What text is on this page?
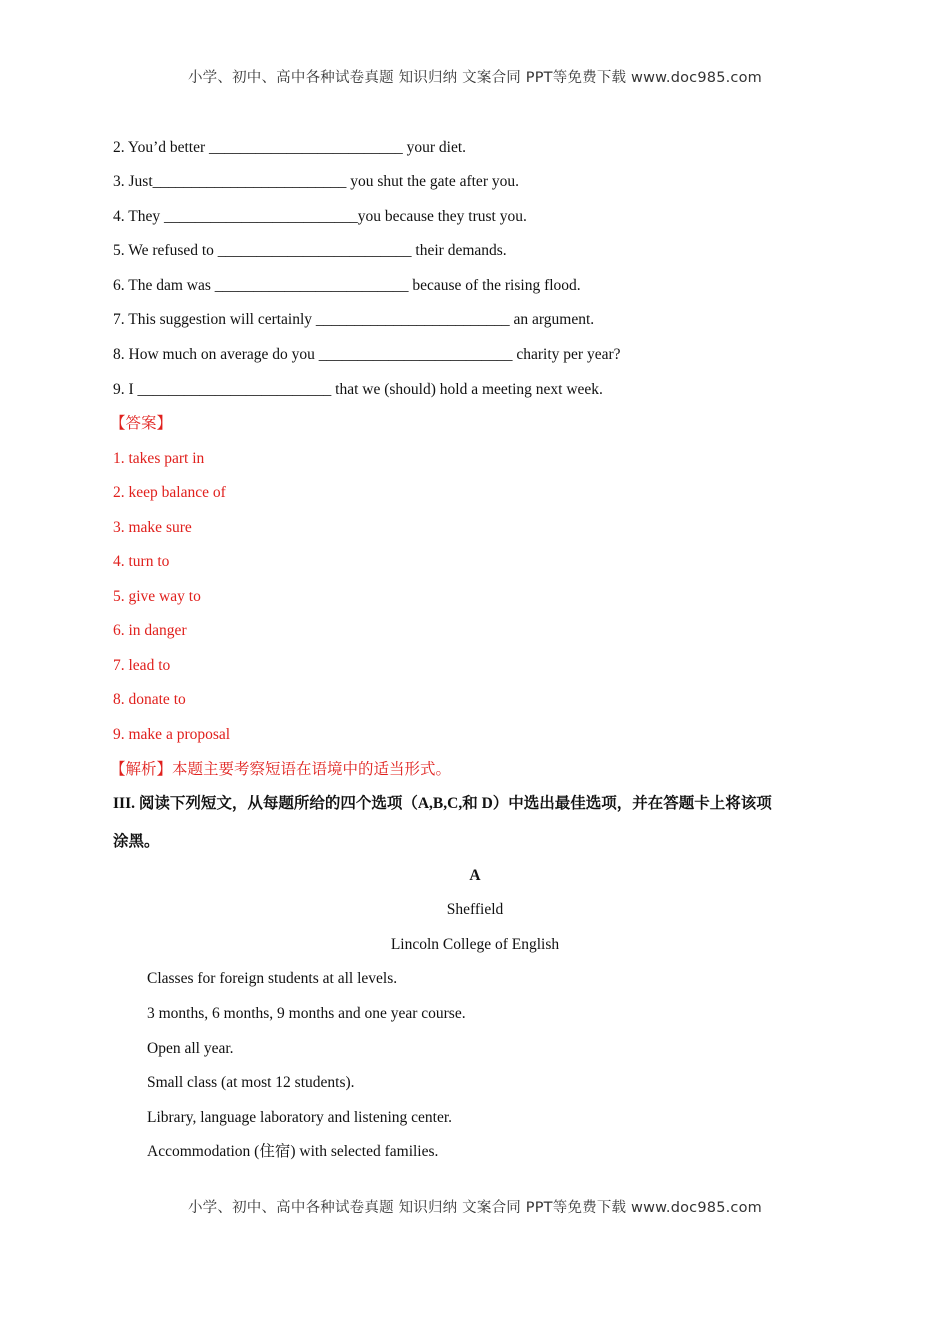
小学、初中、高中各种试卷真题 知识归纳 文案合同 PPT等免费下载 www.doc985.com
2. You’d better _________________________ your diet.
3. Just_________________________ you shut the gate after you.
4. They _________________________you because they trust you.
5. We refused to _________________________ their demands.
6. The dam was _________________________ because of the rising flood.
7. This suggestion will certainly _________________________ an argument.
8. How much on average do you _________________________ charity per year?
9. I _________________________ that we (should) hold a meeting next week.
【答案】
1. takes part in
2. keep balance of
3. make sure
4. turn to
5. give way to
6. in danger
7. lead to
8. donate to
9. make a proposal
【解析】本题主要考察短语在语境中的适当形式。
III. 阅读下列短文，从每题所给的四个选项（A,B,C,和 D）中选出最佳选项，并在答题卡上将该项
涂黑。
A
Sheffield
Lincoln College of English
Classes for foreign students at all levels.
3 months, 6 months, 9 months and one year course.
Open all year.
Small class (at most 12 students).
Library, language laboratory and listening center.
Accommodation (住宿) with selected families.
小学、初中、高中各种试卷真题 知识归纳 文案合同 PPT等免费下载 www.doc985.com
